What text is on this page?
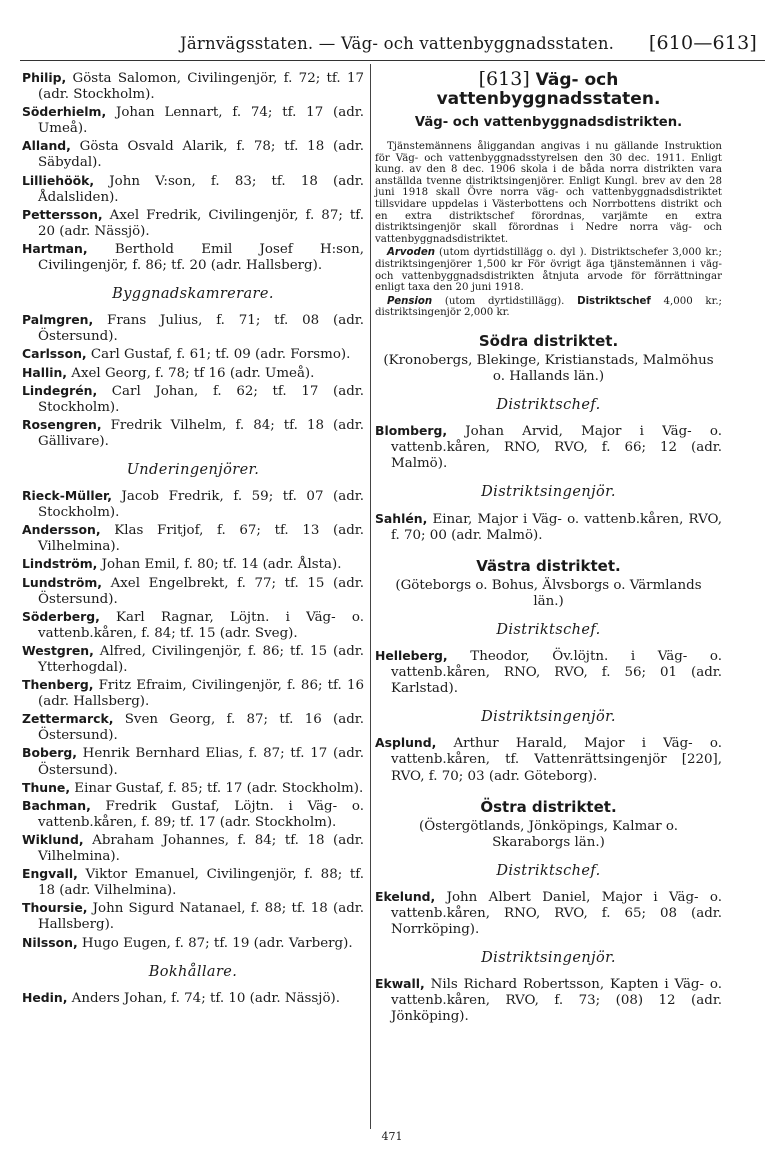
Järnvägsstaten. — Väg- och vattenbyggnadsstaten. [610—613]

Philip, Gösta Salomon, Civilingenjör, f. 72; tf. 17 (adr. Stockholm).

Söderhielm, Johan Lennart, f. 74; tf. 17 (adr. Umeå).

Alland, Gösta Osvald Alarik, f. 78; tf. 18 (adr. Säbydal).

Lilliehöök, John V:son, f. 83; tf. 18 (adr. Ådalsliden).

Pettersson, Axel Fredrik, Civilingenjör, f. 87; tf. 20 (adr. Nässjö).

Hartman, Berthold Emil Josef H:son, Civilingenjör, f. 86; tf. 20 (adr. Hallsberg).

Byggnadskamrerare.

Palmgren, Frans Julius, f. 71; tf. 08 (adr. Östersund).

Carlsson, Carl Gustaf, f. 61; tf. 09 (adr. Forsmo).

Hallin, Axel Georg, f. 78; tf 16 (adr. Umeå).

Lindegrén, Carl Johan, f. 62; tf. 17 (adr. Stockholm).

Rosengren, Fredrik Vilhelm, f. 84; tf. 18 (adr. Gällivare).

Underingenjörer.

Rieck-Müller, Jacob Fredrik, f. 59; tf. 07 (adr. Stockholm).

Andersson, Klas Fritjof, f. 67; tf. 13 (adr. Vilhelmina).

Lindström, Johan Emil, f. 80; tf. 14 (adr. Ålsta).

Lundström, Axel Engelbrekt, f. 77; tf. 15 (adr. Östersund).

Söderberg, Karl Ragnar, Löjtn. i Väg- o. vattenb.kåren, f. 84; tf. 15 (adr. Sveg).

Westgren, Alfred, Civilingenjör, f. 86; tf. 15 (adr. Ytterhogdal).

Thenberg, Fritz Efraim, Civilingenjör, f. 86; tf. 16 (adr. Hallsberg).

Zettermarck, Sven Georg, f. 87; tf. 16 (adr. Östersund).

Boberg, Henrik Bernhard Elias, f. 87; tf. 17 (adr. Östersund).

Thune, Einar Gustaf, f. 85; tf. 17 (adr. Stockholm).

Bachman, Fredrik Gustaf, Löjtn. i Väg- o. vattenb.kåren, f. 89; tf. 17 (adr. Stockholm).

Wiklund, Abraham Johannes, f. 84; tf. 18 (adr. Vilhelmina).

Engvall, Viktor Emanuel, Civilingenjör, f. 88; tf. 18 (adr. Vilhelmina).

Thoursie, John Sigurd Natanael, f. 88; tf. 18 (adr. Hallsberg).

Nilsson, Hugo Eugen, f. 87; tf. 19 (adr. Varberg).

Bokhållare.

Hedin, Anders Johan, f. 74; tf. 10 (adr. Nässjö).

[613] Väg- och vattenbyggnadsstaten.
Väg- och vattenbyggnadsdistrikten.

Tjänstemännens åliggandan angivas i nu gällande Instruktion för Väg- och vattenbyggnadsstyrelsen den 30 dec. 1911. Enligt kung. av den 8 dec. 1906 skola i de båda norra distrikten vara anställda tvenne distriktsingenjörer. Enligt Kungl. brev av den 28 juni 1918 skall Övre norra väg- och vattenbyggnadsdistriktet tillsvidare uppdelas i Västerbottens och Norrbottens distrikt och en extra distriktschef förordnas, varjämte en extra distriktsingenjör skall förordnas i Nedre norra väg- och vattenbyggnadsdistriktet.

Arvoden (utom dyrtidstillägg o. dyl ). Distriktschefer 3,000 kr.; distriktsingenjörer 1,500 kr För övrigt äga tjänstemännen i väg- och vattenbyggnadsdistrikten åtnjuta arvode för förrättningar enligt taxa den 20 juni 1918.

Pension (utom dyrtidstillägg). Distriktschef 4,000 kr.; distriktsingenjör 2,000 kr.

Södra distriktet.
(Kronobergs, Blekinge, Kristianstads, Malmöhus o. Hallands län.)
Distriktschef.

Blomberg, Johan Arvid, Major i Väg- o. vattenb.kåren, RNO, RVO, f. 66; 12 (adr. Malmö).

Distriktsingenjör.

Sahlén, Einar, Major i Väg- o. vattenb.kåren, RVO, f. 70; 00 (adr. Malmö).

Västra distriktet.
(Göteborgs o. Bohus, Älvsborgs o. Värmlands län.)
Distriktschef.

Helleberg, Theodor, Öv.löjtn. i Väg- o. vattenb.kåren, RNO, RVO, f. 56; 01 (adr. Karlstad).

Distriktsingenjör.

Asplund, Arthur Harald, Major i Väg- o. vattenb.kåren, tf. Vattenrättsingenjör [220], RVO, f. 70; 03 (adr. Göteborg).

Östra distriktet.
(Östergötlands, Jönköpings, Kalmar o. Skaraborgs län.)
Distriktschef.

Ekelund, John Albert Daniel, Major i Väg- o. vattenb.kåren, RNO, RVO, f. 65; 08 (adr. Norrköping).

Distriktsingenjör.

Ekwall, Nils Richard Robertsson, Kapten i Väg- o. vattenb.kåren, RVO, f. 73; (08) 12 (adr. Jönköping).

471
